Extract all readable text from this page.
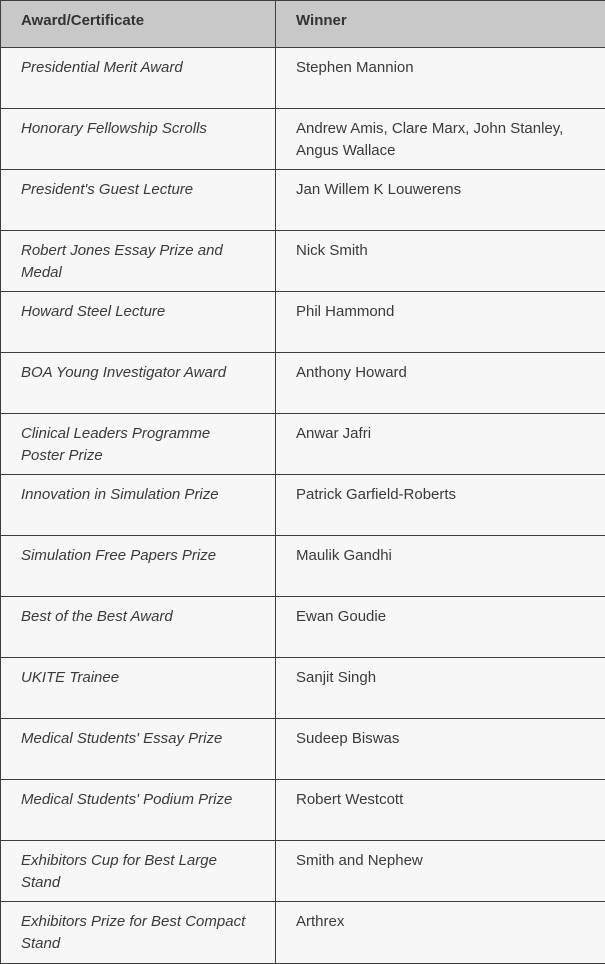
Award/Certificate	Winner
Presidential Merit Award	Stephen Mannion
Honorary Fellowship Scrolls	Andrew Amis, Clare Marx, John Stanley, Angus Wallace
President's Guest Lecture	Jan Willem K Louwerens
Robert Jones Essay Prize and Medal	Nick Smith
Howard Steel Lecture	Phil Hammond
BOA Young Investigator Award	Anthony Howard
Clinical Leaders Programme Poster Prize	Anwar Jafri
Innovation in Simulation Prize	Patrick Garfield-Roberts
Simulation Free Papers Prize	Maulik Gandhi
Best of the Best Award	Ewan Goudie
UKITE Trainee	Sanjit Singh
Medical Students' Essay Prize	Sudeep Biswas
Medical Students' Podium Prize	Robert Westcott
Exhibitors Cup for Best Large Stand	Smith and Nephew
Exhibitors Prize for Best Compact Stand	Arthrex
